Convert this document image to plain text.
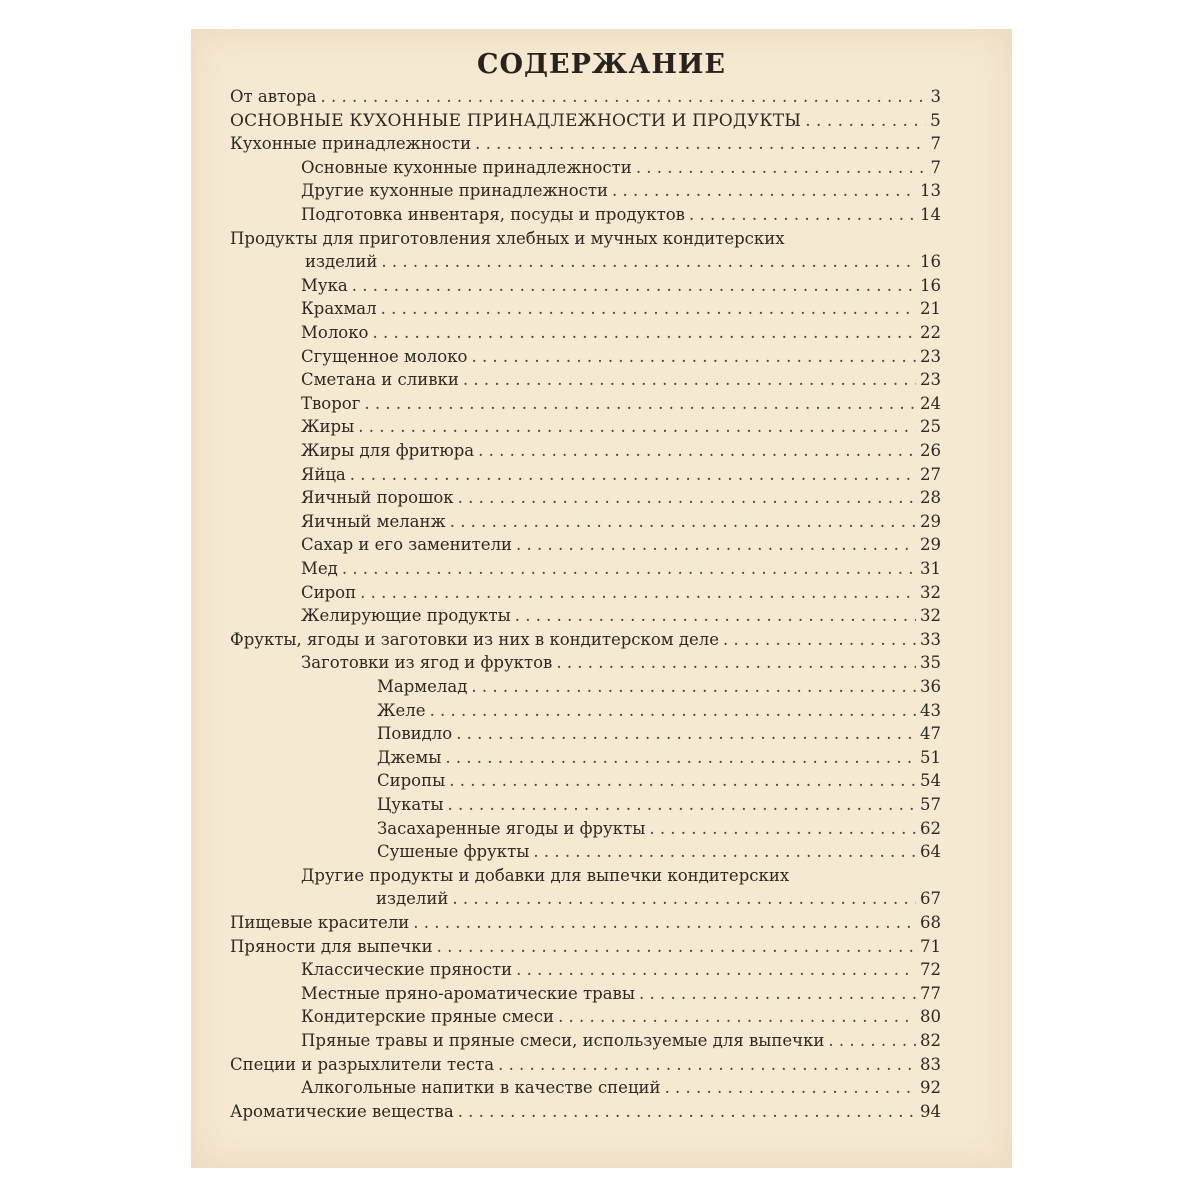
СОДЕРЖАНИЕ
От автора . . .	3
ОСНОВНЫЕ КУХОННЫЕ ПРИНАДЛЕЖНОСТИ И ПРОДУКТЫ . . .	5
Кухонные принадлежности . . .	7
Основные кухонные принадлежности . . .	7
Другие кухонные принадлежности . . .	13
Подготовка инвентаря, посуды и продуктов . . .	14
Продукты для приготовления хлебных и мучных кондитерских
изделий . . .	16
Мука . . .	16
Крахмал . . .	21
Молоко . . .	22
Сгущенное молоко . . .	23
Сметана и сливки . . .	23
Творог . . .	24
Жиры . . .	25
Жиры для фритюра . . .	26
Яйца . . .	27
Яичный порошок . . .	28
Яичный меланж . . .	29
Сахар и его заменители . . .	29
Мед . . .	31
Сироп . . .	32
Желирующие продукты . . .	32
Фрукты, ягоды и заготовки из них в кондитерском деле . . .	33
Заготовки из ягод и фруктов . . .	35
Мармелад . . .	36
Желе . . .	43
Повидло . . .	47
Джемы . . .	51
Сиропы . . .	54
Цукаты . . .	57
Засахаренные ягоды и фрукты . . .	62
Сушеные фрукты . . .	64
Другие продукты и добавки для выпечки кондитерских
изделий . . .	67
Пищевые красители . . .	68
Пряности для выпечки . . .	71
Классические пряности . . .	72
Местные пряно-ароматические травы . . .	77
Кондитерские пряные смеси . . .	80
Пряные травы и пряные смеси, используемые для выпечки . . .	82
Специи и разрыхлители теста . . .	83
Алкогольные напитки в качестве специй . . .	92
Ароматические вещества . . .	94
